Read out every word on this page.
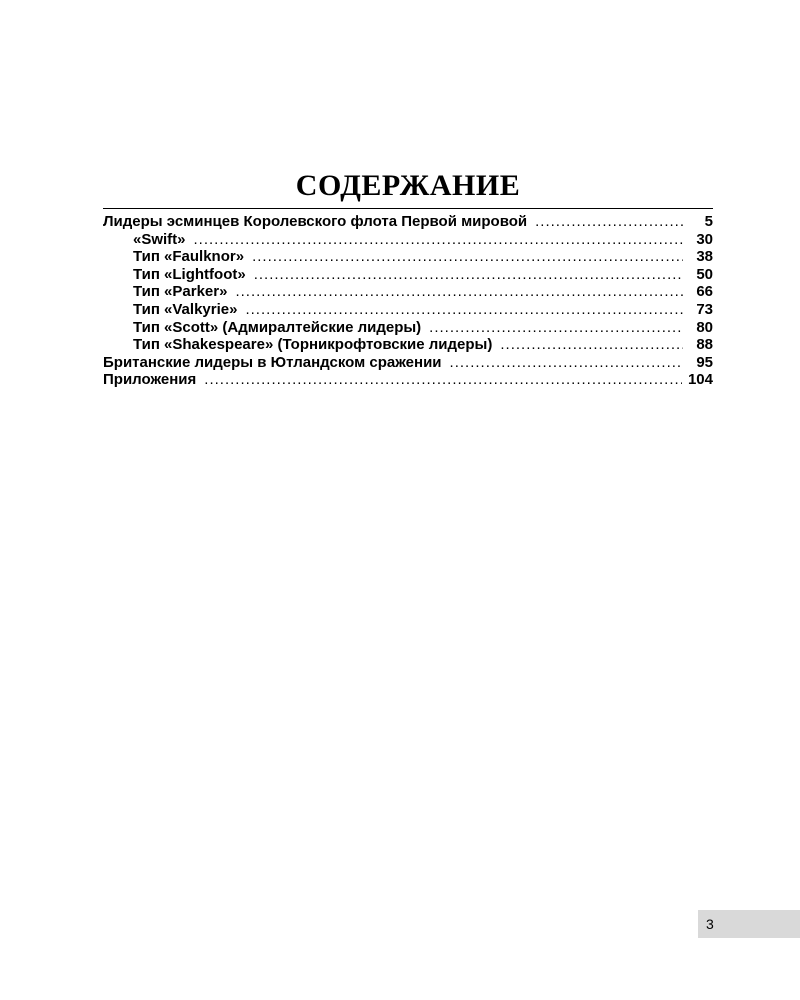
СОДЕРЖАНИЕ
Лидеры эсминцев Королевского флота Первой мировой .....	5
«Swift» .....	30
Тип «Faulknor» .....	38
Тип «Lightfoot» .....	50
Тип «Parker» .....	66
Тип «Valkyrie» .....	73
Тип «Scott» (Адмиралтейские лидеры) .....	80
Тип «Shakespeare» (Торникрофтовские лидеры) .....	88
Британские лидеры в Ютландском сражении .....	95
Приложения .....	104
3
